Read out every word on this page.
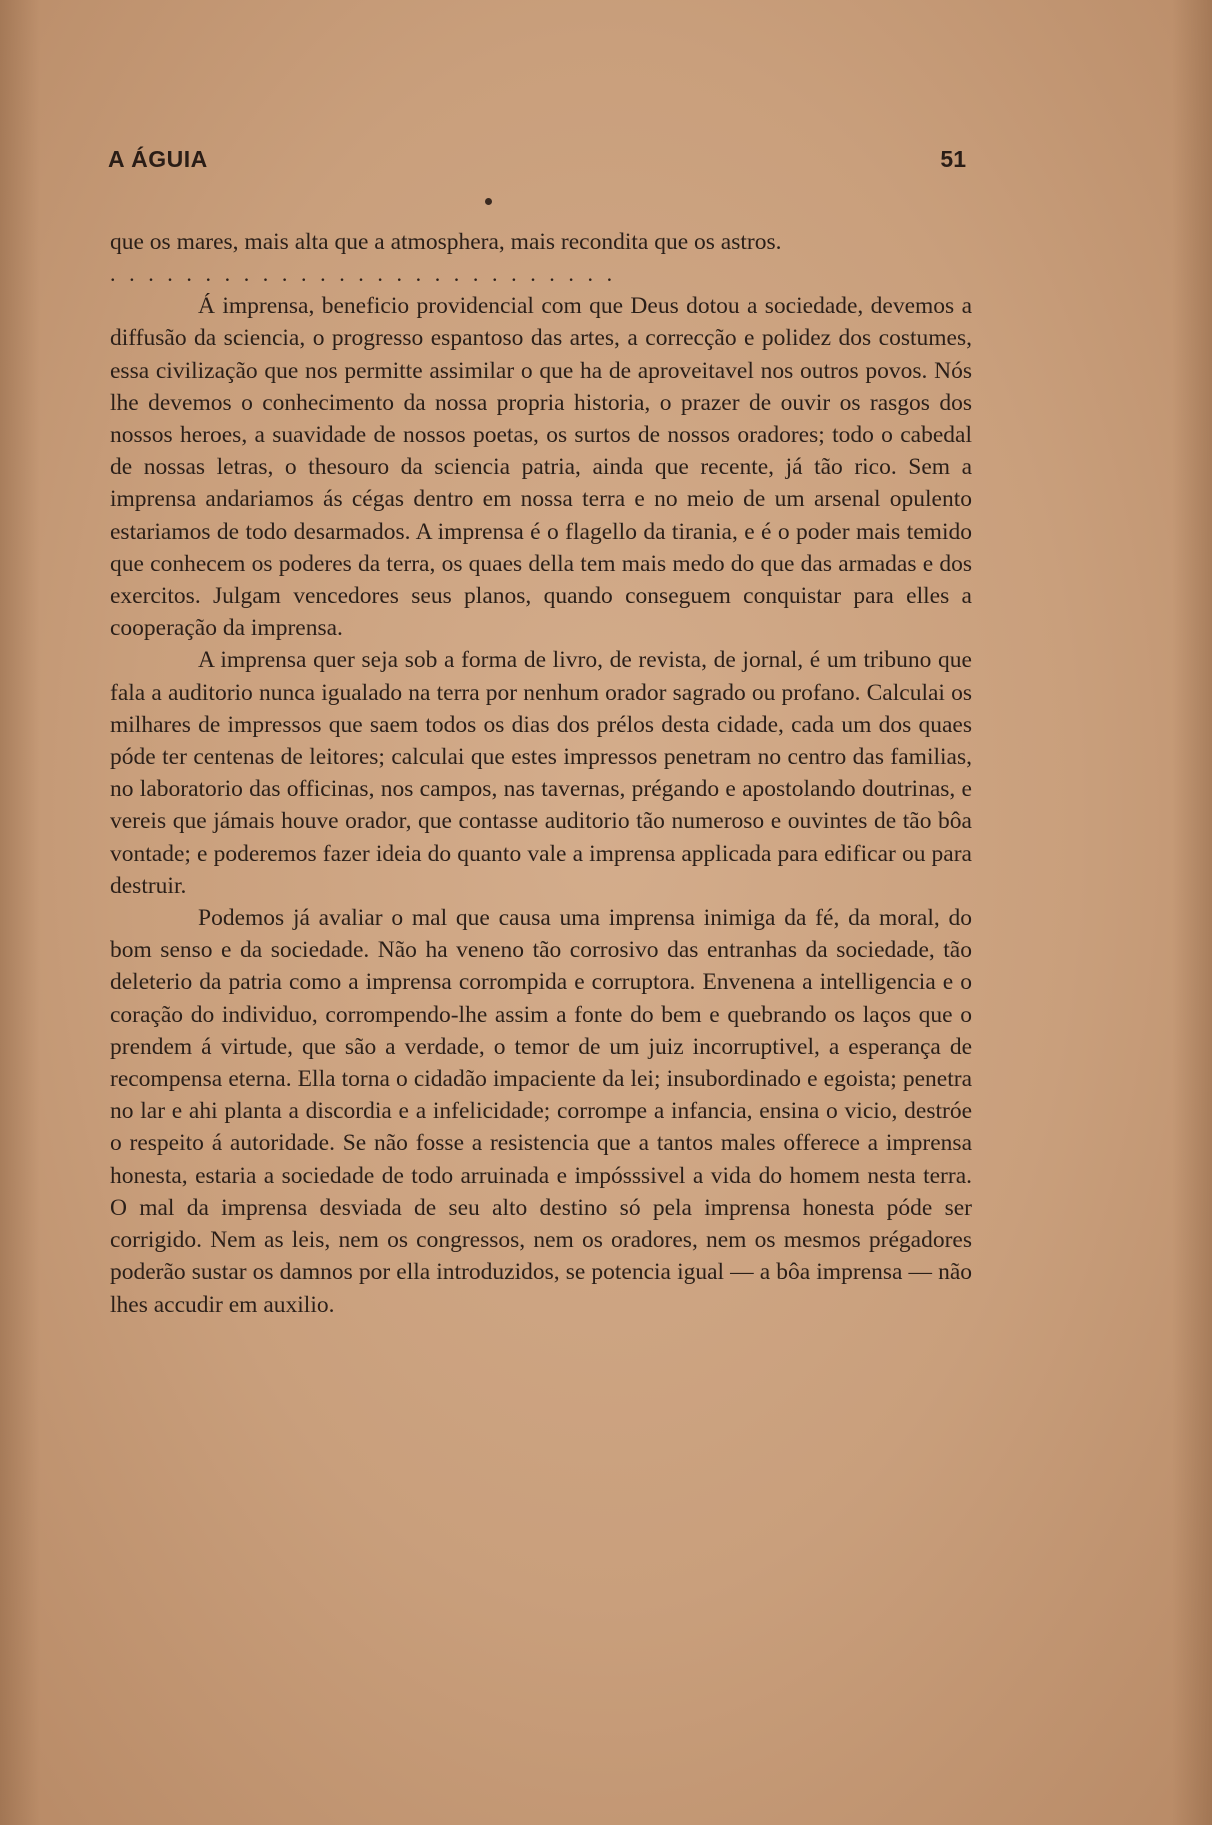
A ÁGUIA	51

que os mares, mais alta que a atmosphera, mais recondita que os astros.

...........................

Á imprensa, beneficio providencial com que Deus dotou a sociedade, devemos a diffusão da sciencia, o progresso espantoso das artes, a correcção e polidez dos costumes, essa civilização que nos permitte assimilar o que ha de aproveitavel nos outros povos. Nós lhe devemos o conhecimento da nossa propria historia, o prazer de ouvir os rasgos dos nossos heroes, a suavidade de nossos poetas, os surtos de nossos oradores; todo o cabedal de nossas letras, o thesouro da sciencia patria, ainda que recente, já tão rico. Sem a imprensa andariamos ás cégas dentro em nossa terra e no meio de um arsenal opulento estariamos de todo desarmados. A imprensa é o flagello da tirania, e é o poder mais temido que conhecem os poderes da terra, os quaes della tem mais medo do que das armadas e dos exercitos. Julgam vencedores seus planos, quando conseguem conquistar para elles a cooperação da imprensa.

A imprensa quer seja sob a forma de livro, de revista, de jornal, é um tribuno que fala a auditorio nunca igualado na terra por nenhum orador sagrado ou profano. Calculai os milhares de impressos que saem todos os dias dos prélos desta cidade, cada um dos quaes póde ter centenas de leitores; calculai que estes impressos penetram no centro das familias, no laboratorio das officinas, nos campos, nas tavernas, prégando e apostolando doutrinas, e vereis que jámais houve orador, que contasse auditorio tão numeroso e ouvintes de tão bôa vontade; e poderemos fazer ideia do quanto vale a imprensa applicada para edificar ou para destruir.

Podemos já avaliar o mal que causa uma imprensa inimiga da fé, da moral, do bom senso e da sociedade. Não ha veneno tão corrosivo das entranhas da sociedade, tão deleterio da patria como a imprensa corrompida e corruptora. Envenena a intelligencia e o coração do individuo, corrompendo-lhe assim a fonte do bem e quebrando os laços que o prendem á virtude, que são a verdade, o temor de um juiz incorruptivel, a esperança de recompensa eterna. Ella torna o cidadão impaciente da lei; insubordinado e egoista; penetra no lar e ahi planta a discordia e a infelicidade; corrompe a infancia, ensina o vicio, destróe o respeito á autoridade. Se não fosse a resistencia que a tantos males offerece a imprensa honesta, estaria a sociedade de todo arruinada e impósssivel a vida do homem nesta terra. O mal da imprensa desviada de seu alto destino só pela imprensa honesta póde ser corrigido. Nem as leis, nem os congressos, nem os oradores, nem os mesmos prégadores poderão sustar os damnos por ella introduzidos, se potencia igual — a bôa imprensa — não lhes accudir em auxilio.
